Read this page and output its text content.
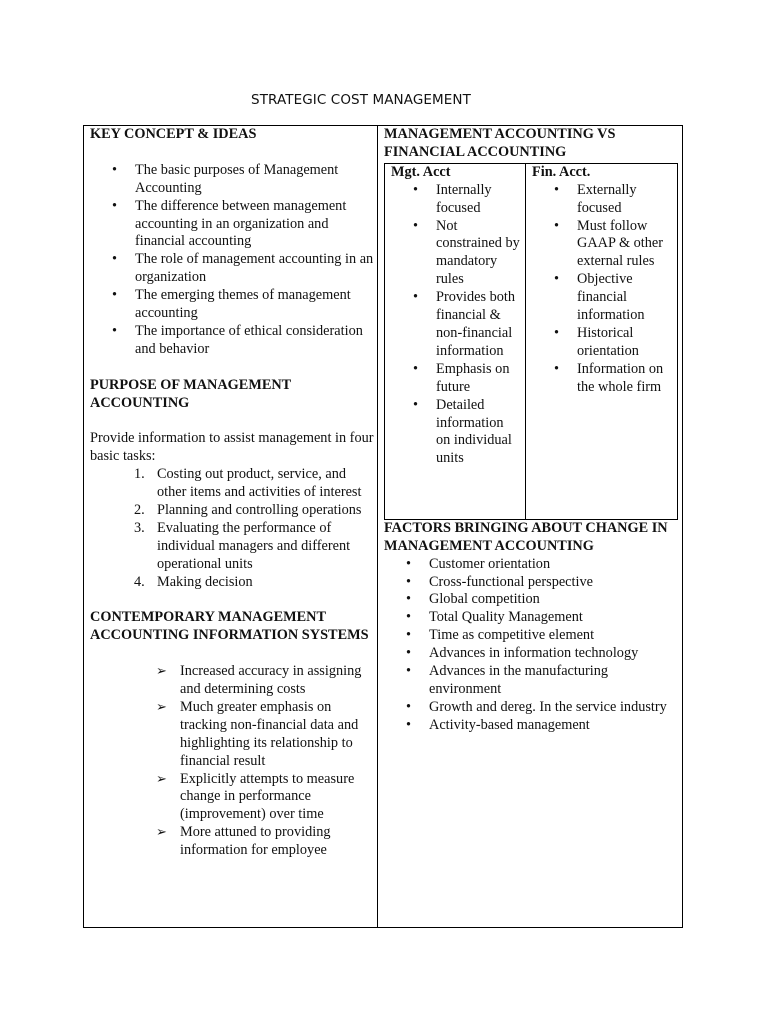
STRATEGIC COST MANAGEMENT
KEY CONCEPT & IDEAS
• The basic purposes of Management Accounting
• The difference between management accounting in an organization and financial accounting
• The role of management accounting in an organization
• The emerging themes of management accounting
• The importance of ethical consideration and behavior
PURPOSE OF MANAGEMENT ACCOUNTING

Provide information to assist management in four basic tasks:

1. Costing out product, service, and other items and activities of interest
2. Planning and controlling operations
3. Evaluating the performance of individual managers and different operational units
4. Making decision
CONTEMPORARY MANAGEMENT ACCOUNTING INFORMATION SYSTEMS
➢ Increased accuracy in assigning and determining costs
➢ Much greater emphasis on tracking non-financial data and highlighting its relationship to financial result
➢ Explicitly attempts to measure change in performance (improvement) over time
➢ More attuned to providing information for employee
MANAGEMENT ACCOUNTING VS FINANCIAL ACCOUNTING
Mgt. Acct
• Internally focused
• Not constrained by mandatory rules
• Provides both financial & non-financial information
• Emphasis on future
• Detailed information on individual units
Fin. Acct.
• Externally focused
• Must follow GAAP & other external rules
• Objective financial information
• Historical orientation
• Information on the whole firm
FACTORS BRINGING ABOUT CHANGE IN MANAGEMENT ACCOUNTING
• Customer orientation
• Cross-functional perspective
• Global competition
• Total Quality Management
• Time as competitive element
• Advances in information technology
• Advances in the manufacturing environment
• Growth and dereg. In the service industry
• Activity-based management
